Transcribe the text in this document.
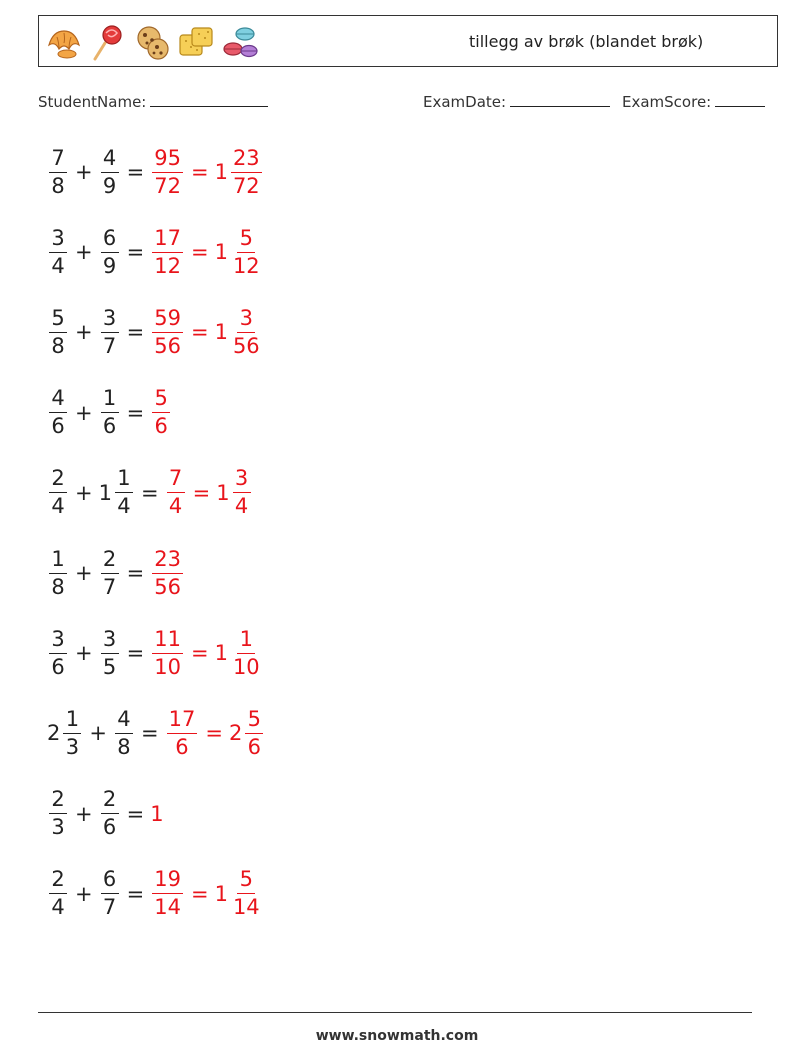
tillegg av brøk (blandet brøk)
StudentName:	ExamDate:	ExamScore:
$\frac{7}{8} + \frac{4}{9} = \frac{95}{72} = 1 \frac{23}{72}$
$\frac{3}{4} + \frac{6}{9} = \frac{17}{12} = 1 \frac{5}{12}$
$\frac{5}{8} + \frac{3}{7} = \frac{59}{56} = 1 \frac{3}{56}$
$\frac{4}{6} + \frac{1}{6} = \frac{5}{6}$
$\frac{2}{4} + 1 \frac{1}{4} = \frac{7}{4} = 1 \frac{3}{4}$
$\frac{1}{8} + \frac{2}{7} = \frac{23}{56}$
$\frac{3}{6} + \frac{3}{5} = \frac{11}{10} = 1 \frac{1}{10}$
$2 \frac{1}{3} + \frac{4}{8} = \frac{17}{6} = 2 \frac{5}{6}$
$\frac{2}{3} + \frac{2}{6} = 1$
$\frac{2}{4} + \frac{6}{7} = \frac{19}{14} = 1 \frac{5}{14}$
www.snowmath.com
